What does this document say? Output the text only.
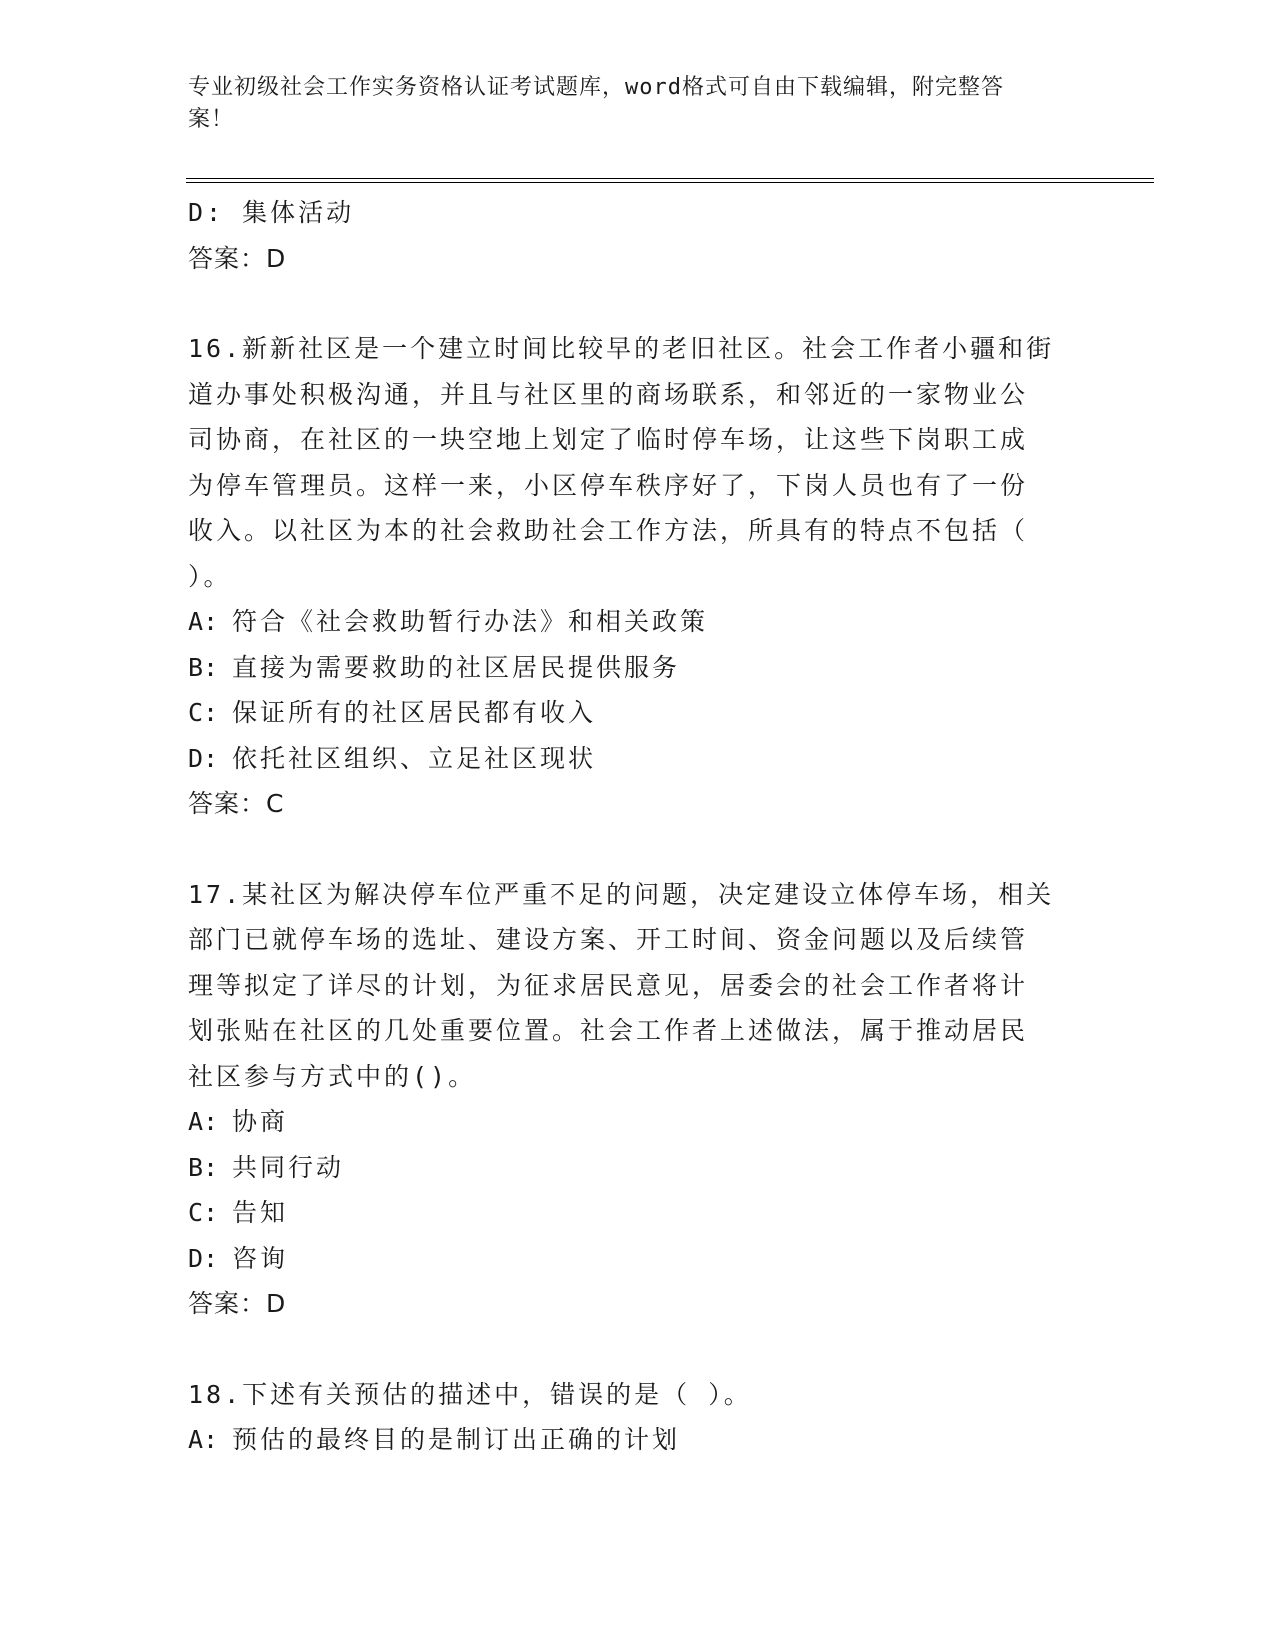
专业初级社会工作实务资格认证考试题库，word格式可自由下载编辑，附完整答
案！
D: 集体活动
答案：D
16.新新社区是一个建立时间比较早的老旧社区。社会工作者小疆和街
道办事处积极沟通，并且与社区里的商场联系，和邻近的一家物业公
司协商，在社区的一块空地上划定了临时停车场，让这些下岗职工成
为停车管理员。这样一来，小区停车秩序好了，下岗人员也有了一份
收入。以社区为本的社会救助社会工作方法，所具有的特点不包括（
）。
A: 符合《社会救助暂行办法》和相关政策
B: 直接为需要救助的社区居民提供服务
C: 保证所有的社区居民都有收入
D: 依托社区组织、立足社区现状
答案：C
17.某社区为解决停车位严重不足的问题，决定建设立体停车场，相关
部门已就停车场的选址、建设方案、开工时间、资金问题以及后续管
理等拟定了详尽的计划，为征求居民意见，居委会的社会工作者将计
划张贴在社区的几处重要位置。社会工作者上述做法，属于推动居民
社区参与方式中的()。
A: 协商
B: 共同行动
C: 告知
D: 咨询
答案：D
18.下述有关预估的描述中，错误的是（ ）。
A: 预估的最终目的是制订出正确的计划
